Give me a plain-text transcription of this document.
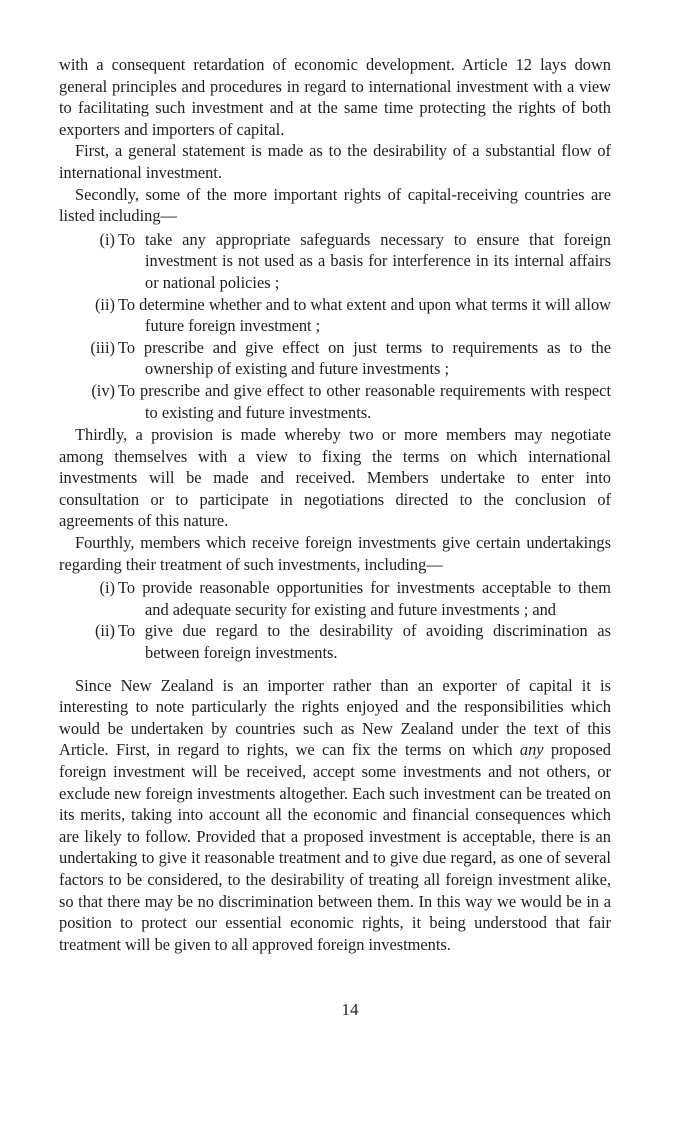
with a consequent retardation of economic development. Article 12 lays down general principles and procedures in regard to international investment with a view to facilitating such investment and at the same time protecting the rights of both exporters and importers of capital.

First, a general statement is made as to the desirability of a substantial flow of international investment.

Secondly, some of the more important rights of capital-receiving countries are listed including—

(i) To take any appropriate safeguards necessary to ensure that foreign investment is not used as a basis for interference in its internal affairs or national policies ;
(ii) To determine whether and to what extent and upon what terms it will allow future foreign investment ;
(iii) To prescribe and give effect on just terms to requirements as to the ownership of existing and future investments ;
(iv) To prescribe and give effect to other reasonable requirements with respect to existing and future investments.

Thirdly, a provision is made whereby two or more members may negotiate among themselves with a view to fixing the terms on which international investments will be made and received. Members undertake to enter into consultation or to participate in negotiations directed to the conclusion of agreements of this nature.

Fourthly, members which receive foreign investments give certain undertakings regarding their treatment of such investments, including—

(i) To provide reasonable opportunities for investments acceptable to them and adequate security for existing and future investments ; and
(ii) To give due regard to the desirability of avoiding discrimination as between foreign investments.

Since New Zealand is an importer rather than an exporter of capital it is interesting to note particularly the rights enjoyed and the responsibilities which would be undertaken by countries such as New Zealand under the text of this Article. First, in regard to rights, we can fix the terms on which any proposed foreign investment will be received, accept some investments and not others, or exclude new foreign investments altogether. Each such investment can be treated on its merits, taking into account all the economic and financial consequences which are likely to follow. Provided that a proposed investment is acceptable, there is an undertaking to give it reasonable treatment and to give due regard, as one of several factors to be considered, to the desirability of treating all foreign investment alike, so that there may be no discrimination between them. In this way we would be in a position to protect our essential economic rights, it being understood that fair treatment will be given to all approved foreign investments.

14
